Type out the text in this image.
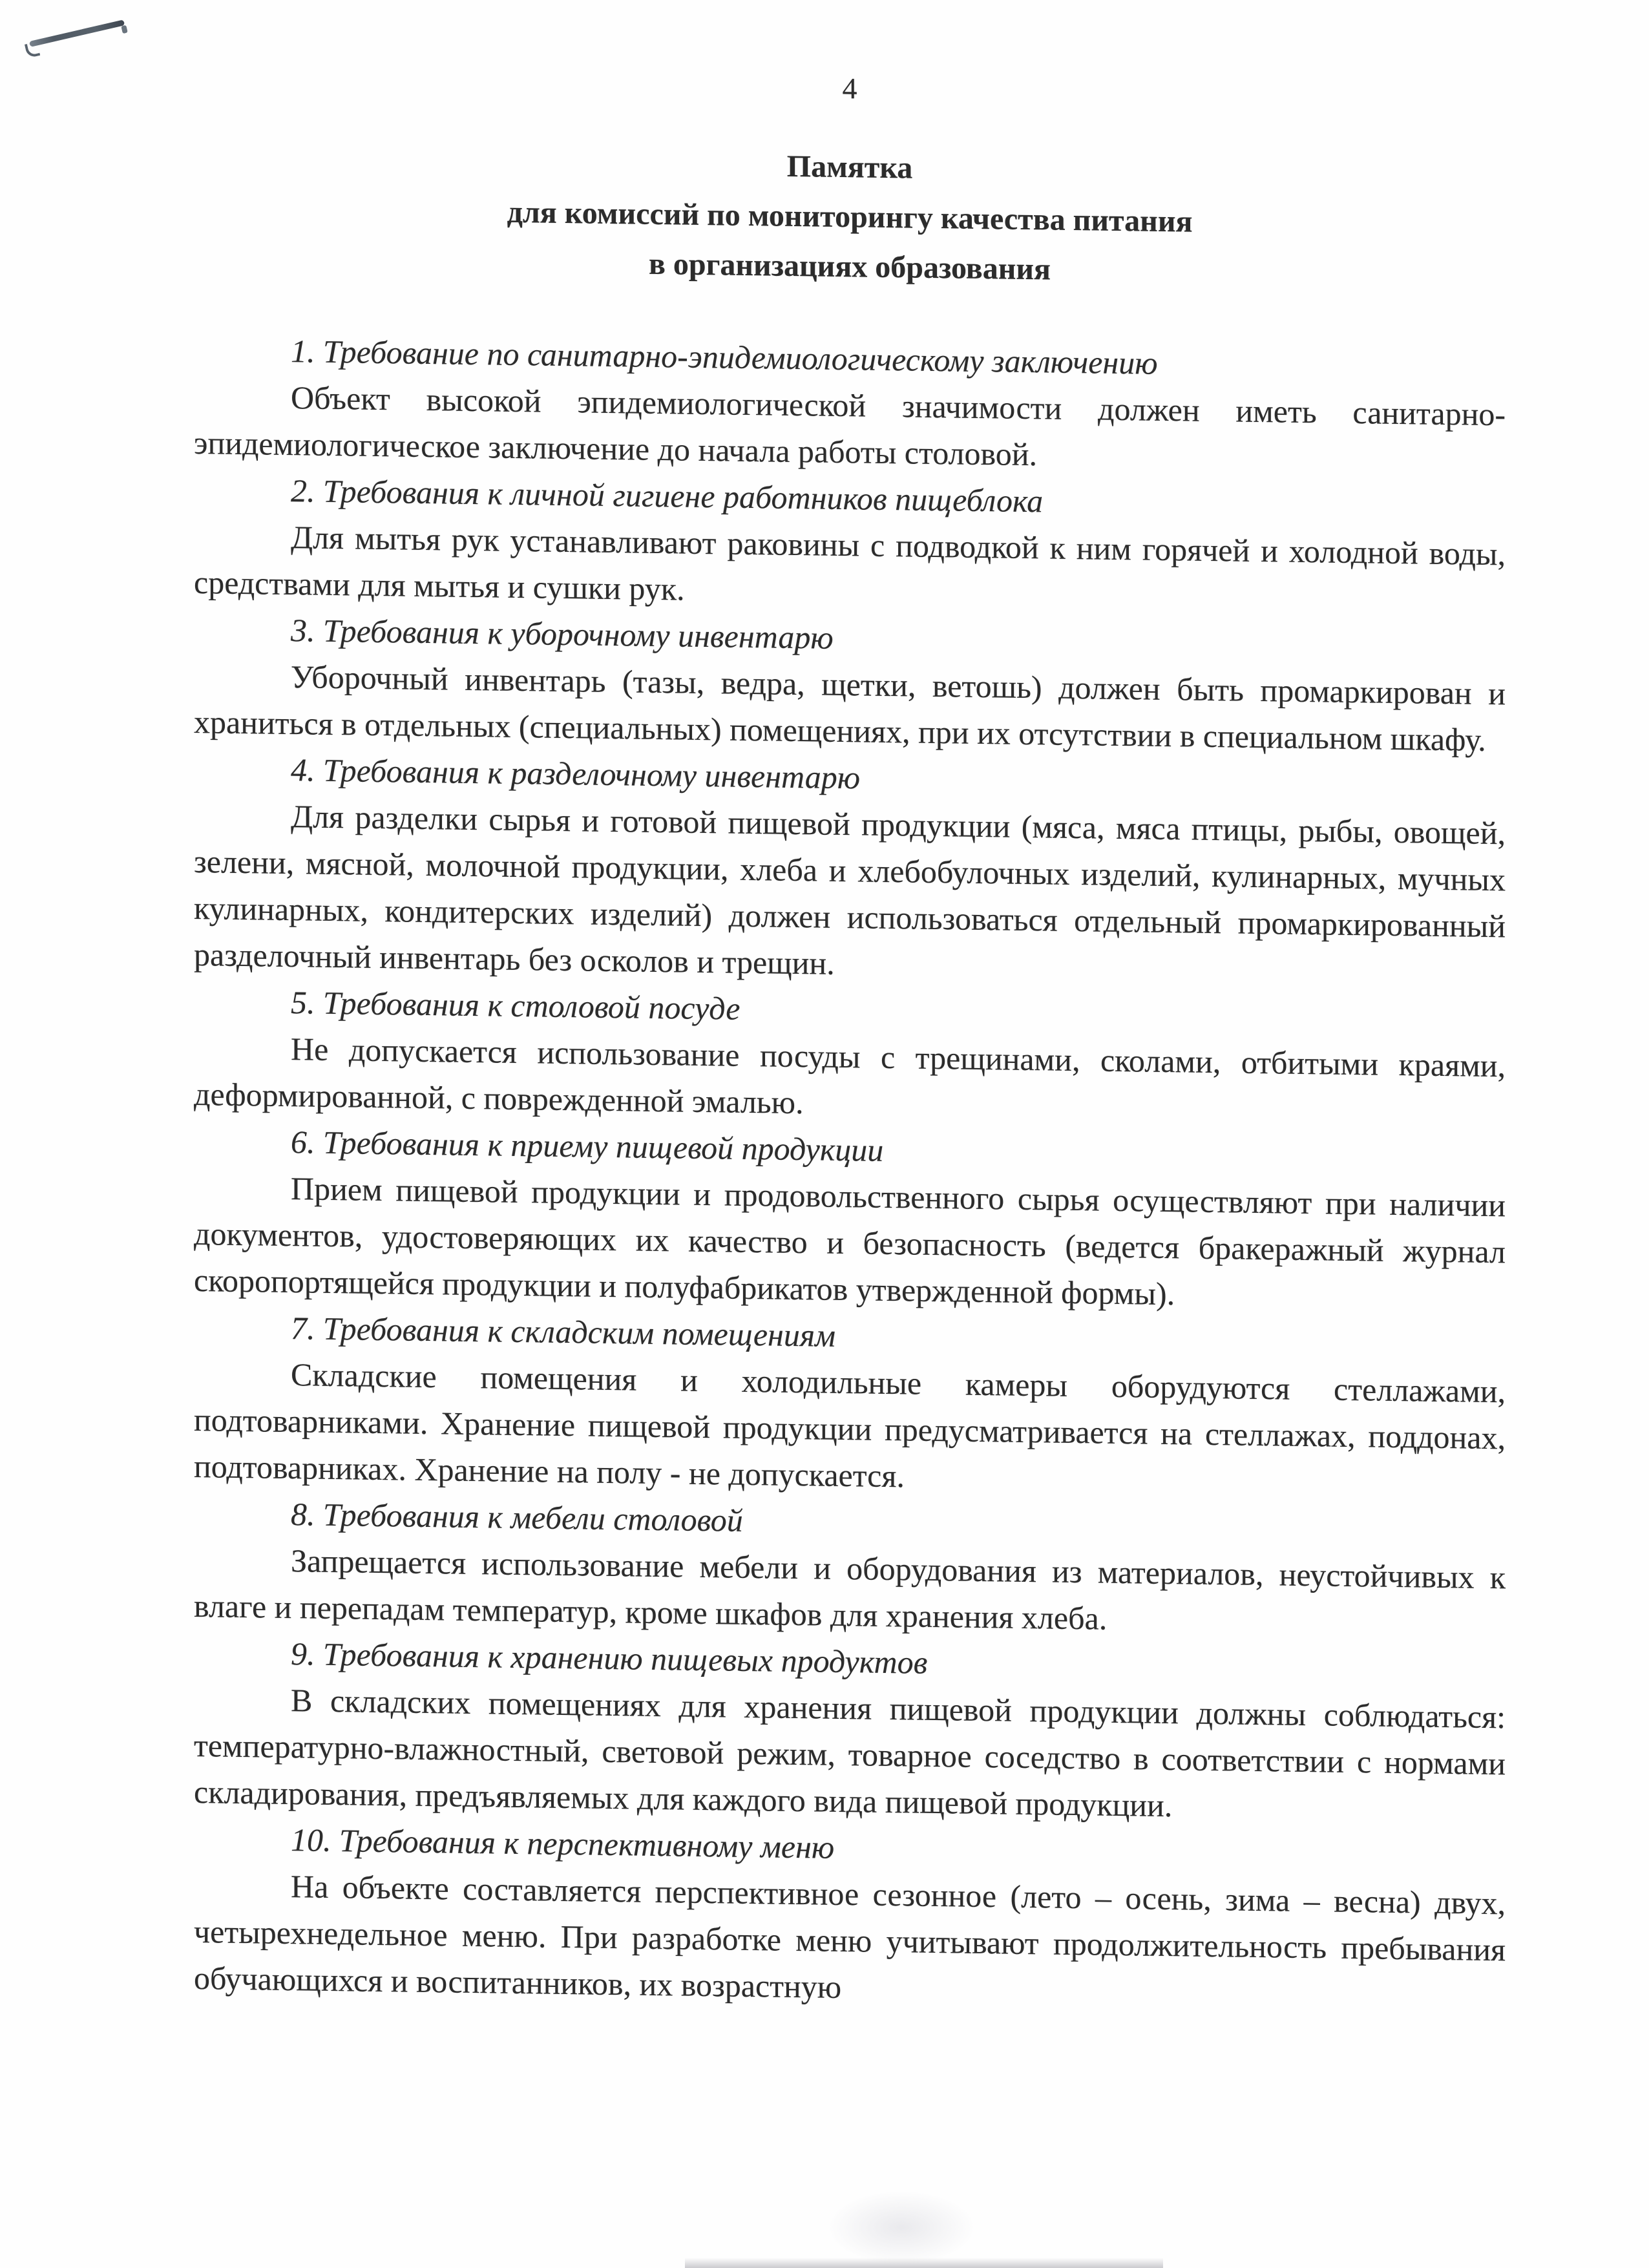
4

Памятка

для комиссий по мониторингу качества питания

в организациях образования

1. Требование по санитарно-эпидемиологическому заключению

Объект высокой эпидемиологической значимости должен иметь санитарно-эпидемиологическое заключение до начала работы столовой.

2. Требования к личной гигиене работников пищеблока

Для мытья рук устанавливают раковины с подводкой к ним горячей и холодной воды, средствами для мытья и сушки рук.

3. Требования к уборочному инвентарю

Уборочный инвентарь (тазы, ведра, щетки, ветошь) должен быть промаркирован и храниться в отдельных (специальных) помещениях, при их отсутствии в специальном шкафу.

4. Требования к разделочному инвентарю

Для разделки сырья и готовой пищевой продукции (мяса, мяса птицы, рыбы, овощей, зелени, мясной, молочной продукции, хлеба и хлебобулочных изделий, кулинарных, мучных кулинарных, кондитерских изделий) должен использоваться отдельный промаркированный разделочный инвентарь без осколов и трещин.

5. Требования к столовой посуде

Не допускается использование посуды с трещинами, сколами, отбитыми краями, деформированной, с поврежденной эмалью.

6. Требования к приему пищевой продукции

Прием пищевой продукции и продовольственного сырья осуществляют при наличии документов, удостоверяющих их качество и безопасность (ведется бракеражный журнал скоропортящейся продукции и полуфабрикатов утвержденной формы).

7. Требования к складским помещениям

Складские помещения и холодильные камеры оборудуются стеллажами, подтоварниками. Хранение пищевой продукции предусматривается на стеллажах, поддонах, подтоварниках. Хранение на полу - не допускается.

8. Требования к мебели столовой

Запрещается использование мебели и оборудования из материалов, неустойчивых к влаге и перепадам температур, кроме шкафов для хранения хлеба.

9. Требования к хранению пищевых продуктов

В складских помещениях для хранения пищевой продукции должны соблюдаться: температурно-влажностный, световой режим, товарное соседство в соответствии с нормами складирования, предъявляемых для каждого вида пищевой продукции.

10. Требования к перспективному меню

На объекте составляется перспективное сезонное (лето – осень, зима – весна) двух, четырехнедельное меню. При разработке меню учитывают продолжительность пребывания обучающихся и воспитанников, их возрастную
